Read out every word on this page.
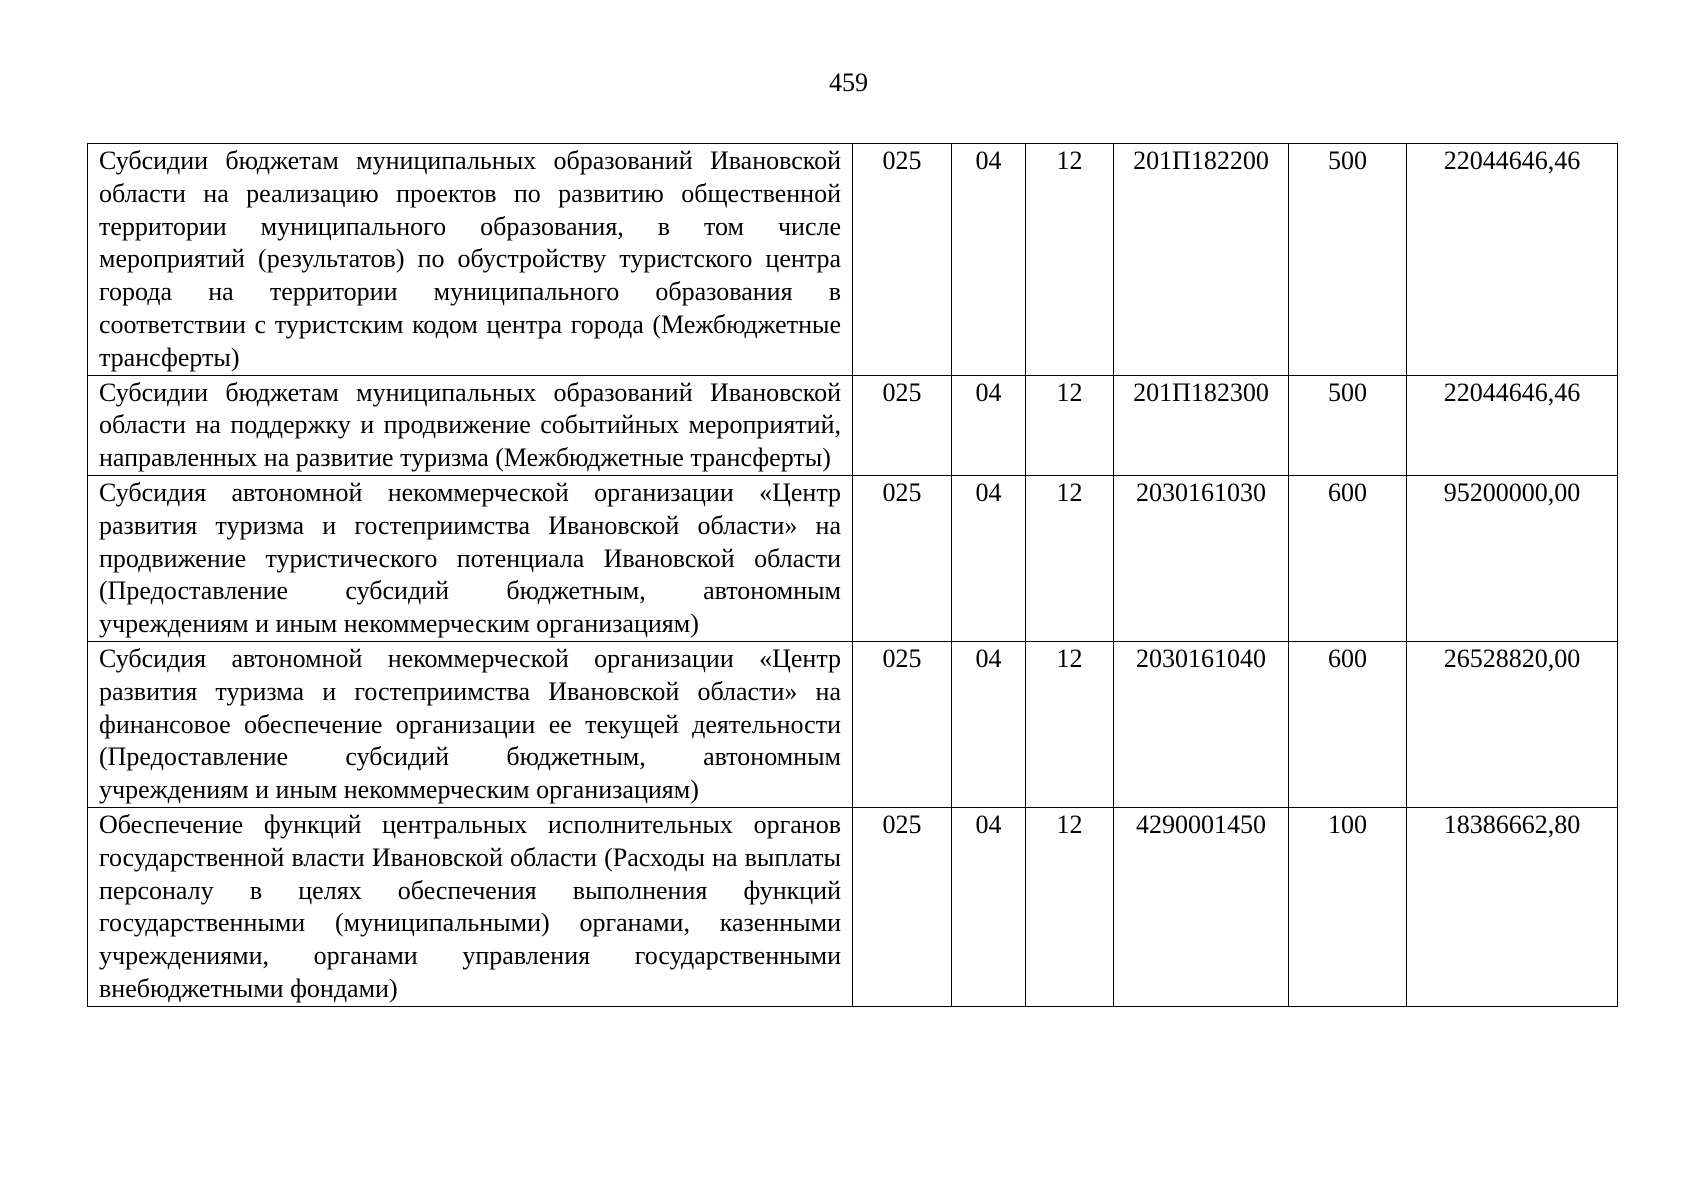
459
Субсидии бюджетам муниципальных образований Ивановской области на реализацию проектов по развитию общественной территории муниципального образования, в том числе мероприятий (результатов) по обустройству туристского центра города на территории муниципального образования в соответствии с туристским кодом центра города (Межбюджетные трансферты)	025	04	12	201П182200	500	22044646,46
Субсидии бюджетам муниципальных образований Ивановской области на поддержку и продвижение событийных мероприятий, направленных на развитие туризма (Межбюджетные трансферты)	025	04	12	201П182300	500	22044646,46
Субсидия автономной некоммерческой организации «Центр развития туризма и гостеприимства Ивановской области» на продвижение туристического потенциала Ивановской области (Предоставление субсидий бюджетным, автономным учреждениям и иным некоммерческим организациям)	025	04	12	2030161030	600	95200000,00
Субсидия автономной некоммерческой организации «Центр развития туризма и гостеприимства Ивановской области» на финансовое обеспечение организации ее текущей деятельности (Предоставление субсидий бюджетным, автономным учреждениям и иным некоммерческим организациям)	025	04	12	2030161040	600	26528820,00
Обеспечение функций центральных исполнительных органов государственной власти Ивановской области (Расходы на выплаты персоналу в целях обеспечения выполнения функций государственными (муниципальными) органами, казенными учреждениями, органами управления государственными внебюджетными фондами)	025	04	12	4290001450	100	18386662,80
